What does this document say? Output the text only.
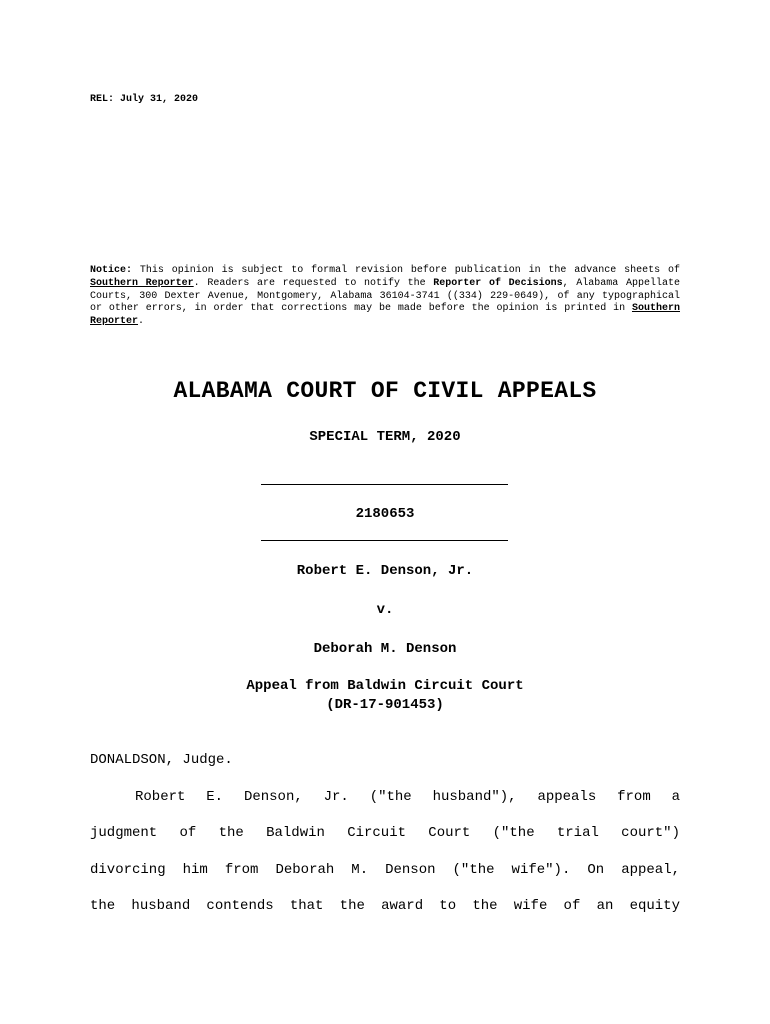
REL: July 31, 2020

Notice: This opinion is subject to formal revision before publication in the advance sheets of Southern Reporter. Readers are requested to notify the Reporter of Decisions, Alabama Appellate Courts, 300 Dexter Avenue, Montgomery, Alabama 36104-3741 ((334) 229-0649), of any typographical or other errors, in order that corrections may be made before the opinion is printed in Southern Reporter.

ALABAMA COURT OF CIVIL APPEALS

SPECIAL TERM, 2020

2180653

Robert E. Denson, Jr.

v.

Deborah M. Denson

Appeal from Baldwin Circuit Court

(DR-17-901453)

DONALDSON, Judge.

Robert E. Denson, Jr. ("the husband"), appeals from a
judgment of the Baldwin Circuit Court ("the trial court")
divorcing him from Deborah M. Denson ("the wife"). On appeal,
the husband contends that the award to the wife of an equity
